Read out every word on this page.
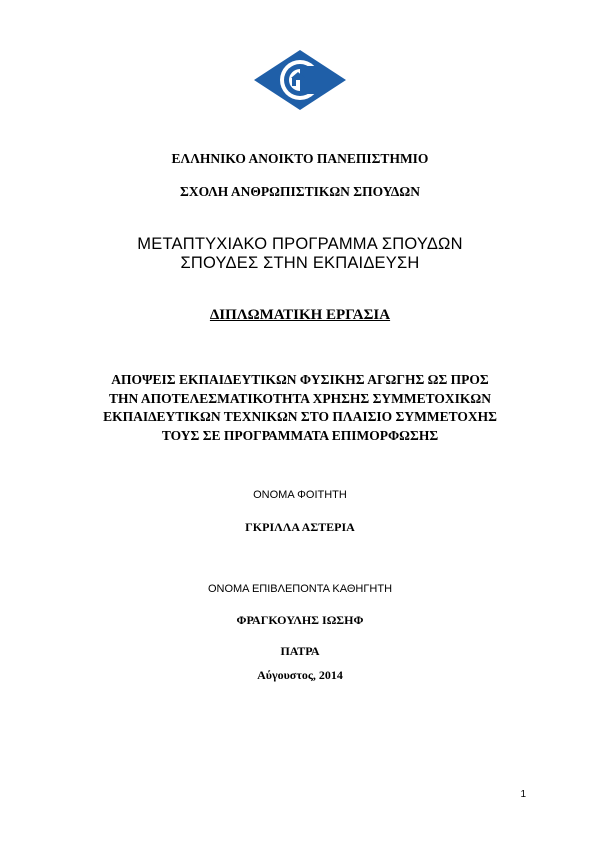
ΕΛΛΗΝΙΚΟ ΑΝΟΙΚΤΟ ΠΑΝΕΠΙΣΤΗΜΙΟ
ΣΧΟΛΗ ΑΝΘΡΩΠΙΣΤΙΚΩΝ ΣΠΟΥΔΩΝ
ΜΕΤΑΠΤΥΧΙΑΚΟ ΠΡΟΓΡΑΜΜΑ ΣΠΟΥΔΩΝ
ΣΠΟΥΔΕΣ ΣΤΗΝ ΕΚΠΑΙΔΕΥΣΗ
ΔΙΠΛΩΜΑΤΙΚΗ ΕΡΓΑΣΙΑ
ΑΠΟΨΕΙΣ ΕΚΠΑΙΔΕΥΤΙΚΩΝ ΦΥΣΙΚΗΣ ΑΓΩΓΗΣ ΩΣ ΠΡΟΣ
ΤΗΝ ΑΠΟΤΕΛΕΣΜΑΤΙΚΟΤΗΤΑ ΧΡΗΣΗΣ ΣΥΜΜΕΤΟΧΙΚΩΝ
ΕΚΠΑΙΔΕΥΤΙΚΩΝ ΤΕΧΝΙΚΩΝ ΣΤΟ ΠΛΑΙΣΙΟ ΣΥΜΜΕΤΟΧΗΣ
ΤΟΥΣ ΣΕ ΠΡΟΓΡΑΜΜΑΤΑ ΕΠΙΜΟΡΦΩΣΗΣ
ΟΝΟΜΑ ΦΟΙΤΗΤΗ
ΓΚΡΙΛΛΑ ΑΣΤΕΡΙΑ
ΟΝΟΜΑ ΕΠΙΒΛΕΠΟΝΤΑ ΚΑΘΗΓΗΤΗ
ΦΡΑΓΚΟΥΛΗΣ ΙΩΣΗΦ
ΠΑΤΡΑ
Αύγουστος, 2014
1
